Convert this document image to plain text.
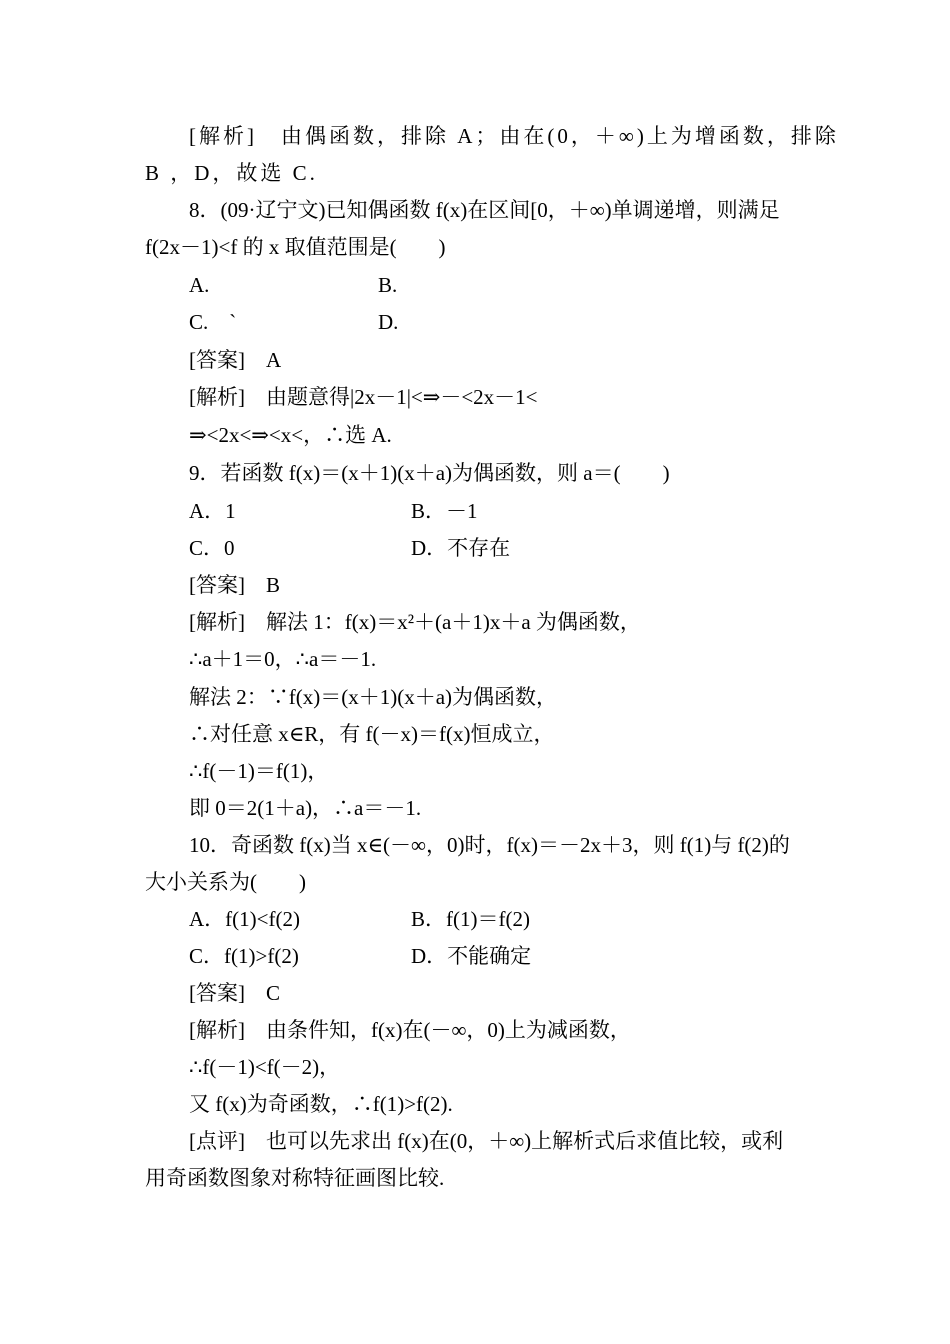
[解析]　由偶函数，排除 A；由在(0，＋∞)上为增函数，排除
B ，D，故选 C.
8．(09·辽宁文)已知偶函数 f(x)在区间[0，＋∞)单调递增，则满足
f(2x－1)<f 的 x 取值范围是(　　)
A.	B.
C.　`	D.
[答案]　A
[解析]　由题意得|2x－1|<⇒－<2x－1<
⇒<2x<⇒<x<，∴选 A.
9．若函数 f(x)＝(x＋1)(x＋a)为偶函数，则 a＝(　　)
A．1	B．－1
C．0	D．不存在
[答案]　B
[解析]　解法 1：f(x)＝x²＋(a＋1)x＋a 为偶函数，
∴a＋1＝0，∴a＝－1.
解法 2：∵f(x)＝(x＋1)(x＋a)为偶函数，
∴对任意 x∈R，有 f(－x)＝f(x)恒成立，
∴f(－1)＝f(1)，
即 0＝2(1＋a)，∴a＝－1.
10．奇函数 f(x)当 x∈(－∞，0)时，f(x)＝－2x＋3，则 f(1)与 f(2)的
大小关系为(　　)
A．f(1)<f(2)	B．f(1)＝f(2)
C．f(1)>f(2)	D．不能确定
[答案]　C
[解析]　由条件知，f(x)在(－∞，0)上为减函数，
∴f(－1)<f(－2)，
又 f(x)为奇函数，∴f(1)>f(2).
[点评]　也可以先求出 f(x)在(0，＋∞)上解析式后求值比较，或利
用奇函数图象对称特征画图比较.
